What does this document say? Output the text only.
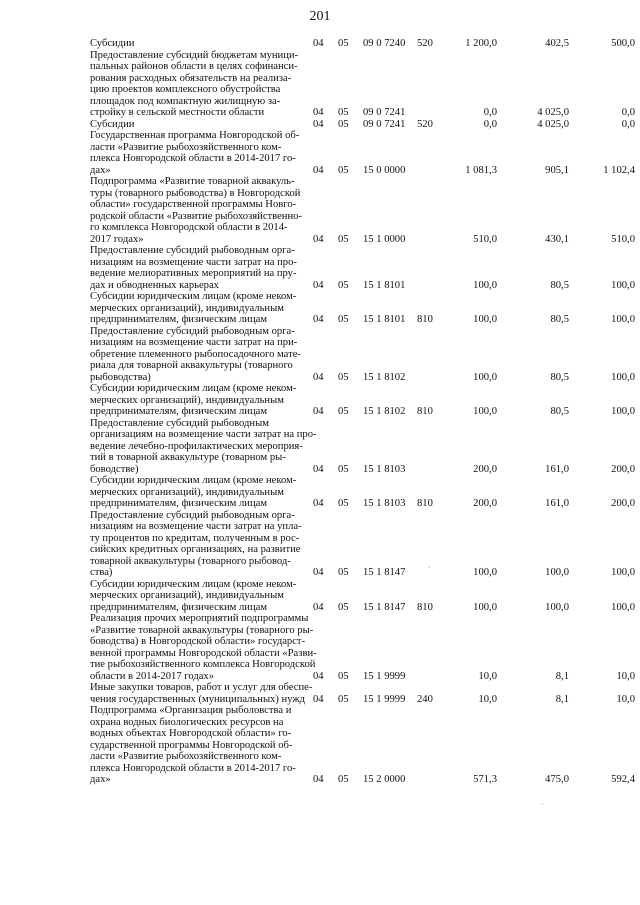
201
Субсидии	04 05 09 0 7240 520	1 200,0	402,5	500,0
Предоставление субсидий бюджетам муници-
пальных районов области в целях софинанси-
рования расходных обязательств на реализа-
цию проектов комплексного обустройства
площадок под компактную жилищную за-
стройку в сельской местности области	04 05 09 0 7241	0,0	4 025,0	0,0
Субсидии	04 05 09 0 7241 520	0,0	4 025,0	0,0
Государственная программа Новгородской об-
ласти «Развитие рыбохозяйственного ком-
плекса Новгородской области в 2014-2017 го-
дах»	04 05 15 0 0000	1 081,3	905,1	1 102,4
Подпрограмма «Развитие товарной аквакуль-
туры (товарного рыбоводства) в Новгородской
области» государственной программы Новго-
родской области «Развитие рыбохозяйственно-
го комплекса Новгородской области в 2014-
2017 годах»	04 05 15 1 0000	510,0	430,1	510,0
Предоставление субсидий рыбоводным орга-
низациям на возмещение части затрат на про-
ведение мелиоративных мероприятий на пру-
дах и обводненных карьерах	04 05 15 1 8101	100,0	80,5	100,0
Субсидии юридическим лицам (кроме неком-
мерческих организаций), индивидуальным
предпринимателям, физическим лицам	04 05 15 1 8101 810	100,0	80,5	100,0
Предоставление субсидий рыбоводным орга-
низациям на возмещение части затрат на при-
обретение племенного рыбопосадочного мате-
риала для товарной аквакультуры (товарного
рыбоводства)	04 05 15 1 8102	100,0	80,5	100,0
Субсидии юридическим лицам (кроме неком-
мерческих организаций), индивидуальным
предпринимателям, физическим лицам	04 05 15 1 8102 810	100,0	80,5	100,0
Предоставление субсидий рыбоводным
организациям на возмещение части затрат на про-
ведение лечебно-профилактических мероприя-
тий в товарной аквакультуре (товарном ры-
боводстве)	04 05 15 1 8103	200,0	161,0	200,0
Субсидии юридическим лицам (кроме неком-
мерческих организаций), индивидуальным
предпринимателям, физическим лицам	04 05 15 1 8103 810	200,0	161,0	200,0
Предоставление субсидий рыбоводным орга-
низациям на возмещение части затрат на упла-
ту процентов по кредитам, полученным в рос-
сийских кредитных организациях, на развитие
товарной аквакультуры (товарного рыбовод-
ства)	04 05 15 1 8147	100,0	100,0	100,0
Субсидии юридическим лицам (кроме неком-
мерческих организаций), индивидуальным
предпринимателям, физическим лицам	04 05 15 1 8147 810	100,0	100,0	100,0
Реализация прочих мероприятий подпрограммы
«Развитие товарной аквакультуры (товарного ры-
боводства) в Новгородской области» государст-
венной программы Новгородской области «Разви-
тие рыбохозяйственного комплекса Новгородской
области в 2014-2017 годах»	04 05 15 1 9999	10,0	8,1	10,0
Иные закупки товаров, работ и услуг для обеспе-
чения государственных (муниципальных) нужд 04 05 15 1 9999 240	10,0	8,1	10,0
Подпрограмма «Организация рыболовства и
охрана водных биологических ресурсов на
водных объектах Новгородской области» го-
сударственной программы Новгородской об-
ласти «Развитие рыбохозяйственного ком-
плекса Новгородской области в 2014-2017 го-
дах»	04 05 15 2 0000	571,3	475,0	592,4
·
·
